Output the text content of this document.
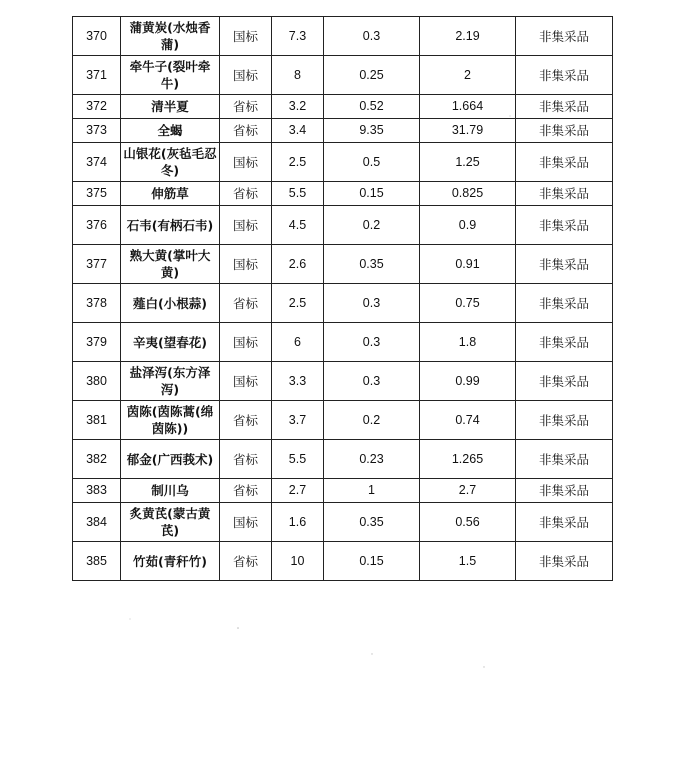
370	蒲黄炭(水烛香蒲)	国标	7.3	0.3	2.19	非集采品
371	牵牛子(裂叶牵牛)	国标	8	0.25	2	非集采品
372	清半夏	省标	3.2	0.52	1.664	非集采品
373	全蝎	省标	3.4	9.35	31.79	非集采品
374	山银花(灰毡毛忍冬)	国标	2.5	0.5	1.25	非集采品
375	伸筋草	省标	5.5	0.15	0.825	非集采品
376	石韦(有柄石韦)	国标	4.5	0.2	0.9	非集采品
377	熟大黄(掌叶大黄)	国标	2.6	0.35	0.91	非集采品
378	薤白(小根蒜)	省标	2.5	0.3	0.75	非集采品
379	辛夷(望春花)	国标	6	0.3	1.8	非集采品
380	盐泽泻(东方泽泻)	国标	3.3	0.3	0.99	非集采品
381	茵陈(茵陈蒿(绵茵陈))	省标	3.7	0.2	0.74	非集采品
382	郁金(广西莪术)	省标	5.5	0.23	1.265	非集采品
383	制川乌	省标	2.7	1	2.7	非集采品
384	炙黄芪(蒙古黄芪)	国标	1.6	0.35	0.56	非集采品
385	竹茹(青秆竹)	省标	10	0.15	1.5	非集采品
